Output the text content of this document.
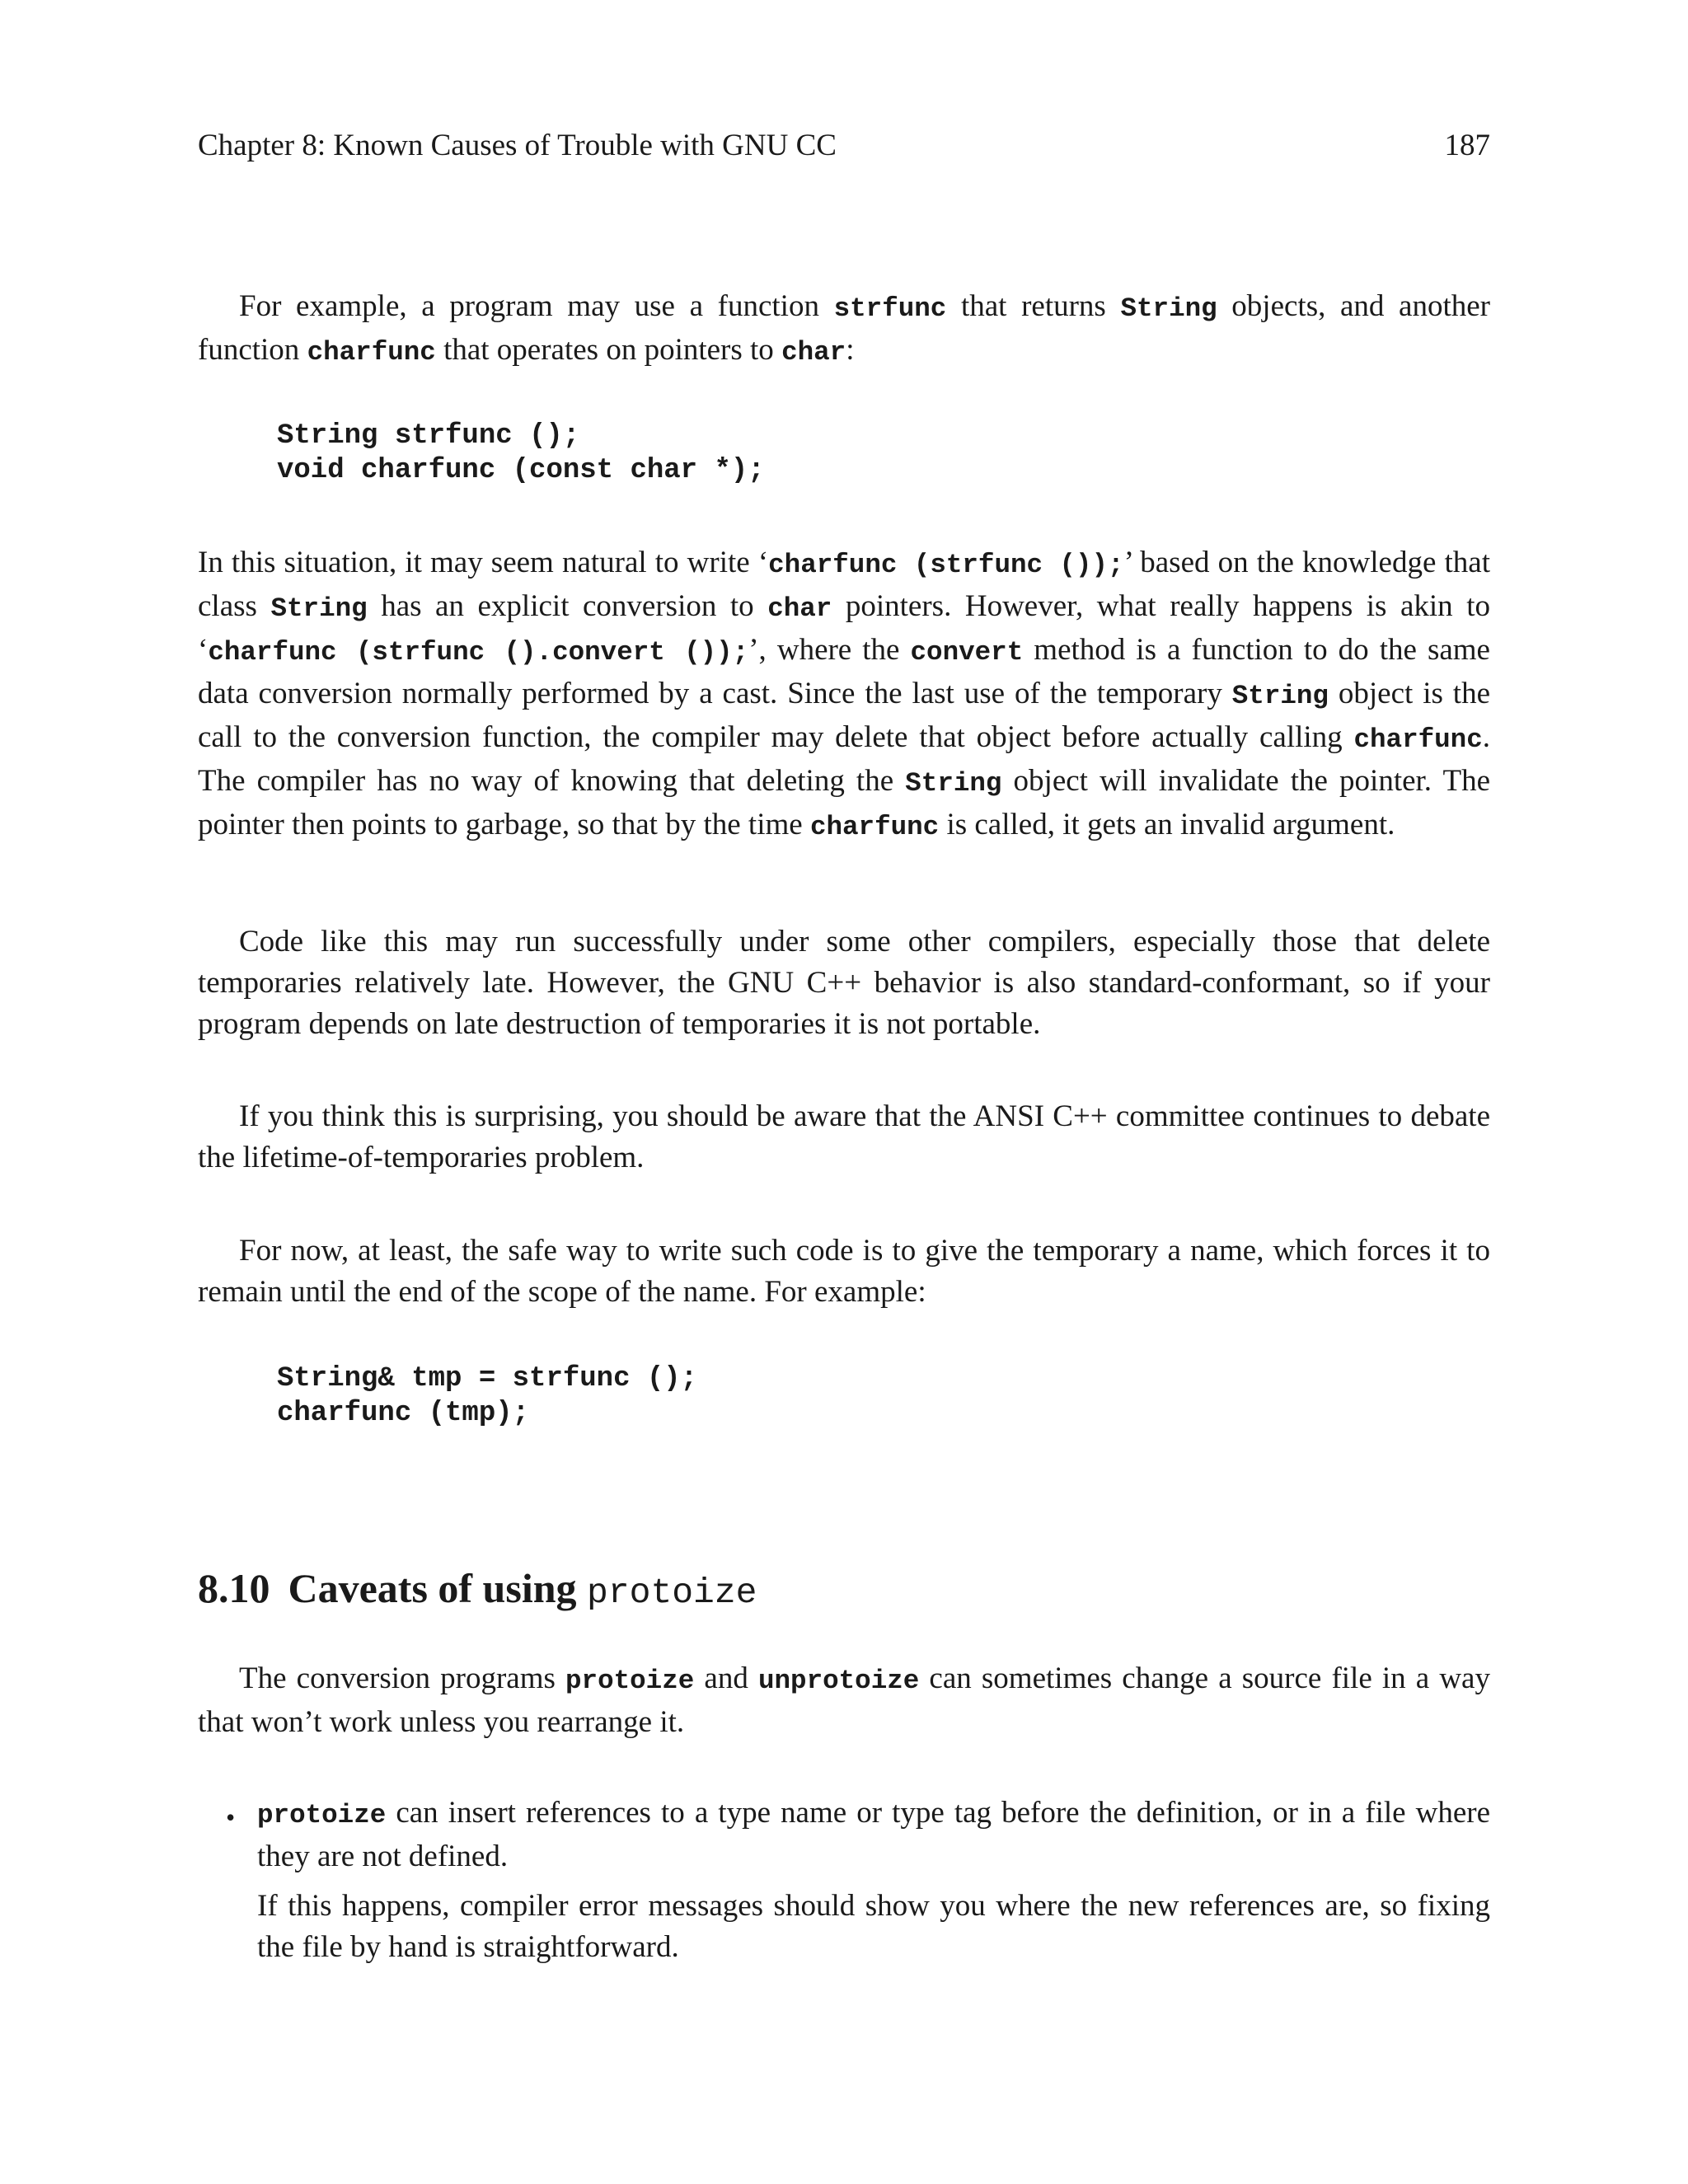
Chapter 8: Known Causes of Trouble with GNU CC	187

For example, a program may use a function strfunc that returns String objects, and another function charfunc that operates on pointers to char:

String strfunc ();
void charfunc (const char *);

In this situation, it may seem natural to write ‘charfunc (strfunc ());’ based on the knowledge that class String has an explicit conversion to char pointers. However, what really happens is akin to ‘charfunc (strfunc ().convert ());’, where the convert method is a function to do the same data conversion normally performed by a cast. Since the last use of the temporary String object is the call to the conversion function, the compiler may delete that object before actually calling charfunc. The compiler has no way of knowing that deleting the String object will invalidate the pointer. The pointer then points to garbage, so that by the time charfunc is called, it gets an invalid argument.

Code like this may run successfully under some other compilers, especially those that delete temporaries relatively late. However, the GNU C++ behavior is also standard-conformant, so if your program depends on late destruction of temporaries it is not portable.

If you think this is surprising, you should be aware that the ANSI C++ committee continues to debate the lifetime-of-temporaries problem.

For now, at least, the safe way to write such code is to give the temporary a name, which forces it to remain until the end of the scope of the name. For example:

String& tmp = strfunc ();
charfunc (tmp);
8.10 Caveats of using protoize

The conversion programs protoize and unprotoize can sometimes change a source file in a way that won’t work unless you rearrange it.

• protoize can insert references to a type name or type tag before the definition, or in a file where they are not defined.

If this happens, compiler error messages should show you where the new references are, so fixing the file by hand is straightforward.
